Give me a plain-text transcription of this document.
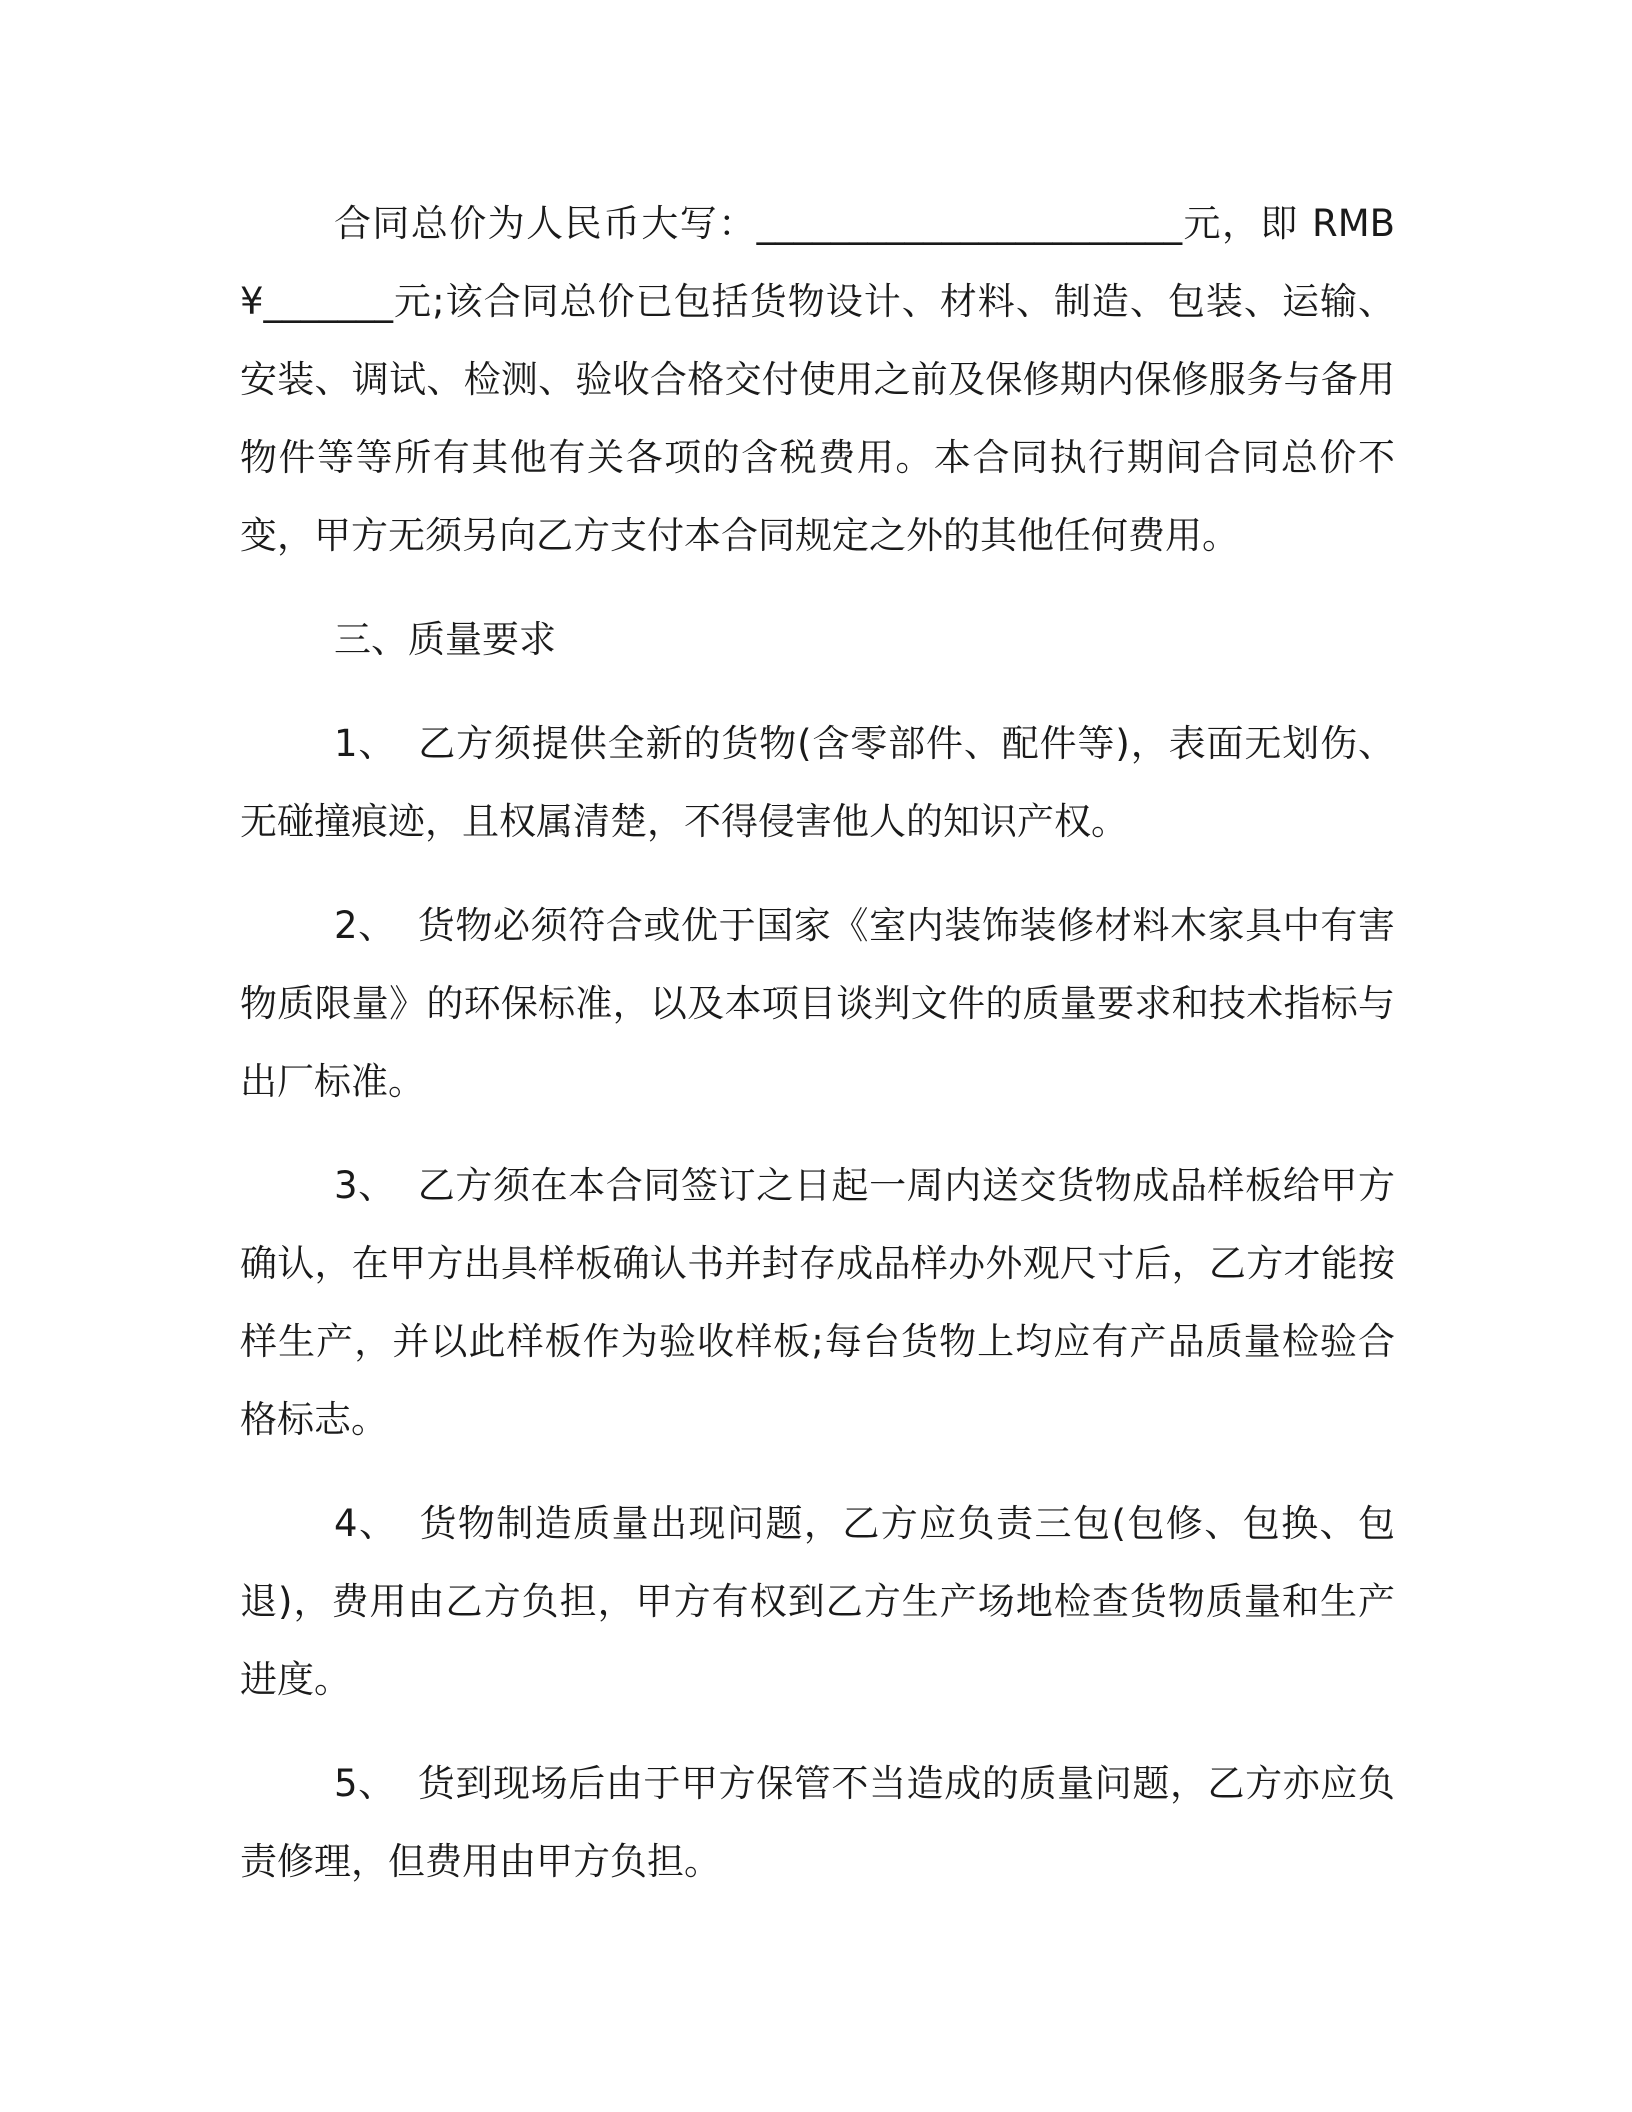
合同总价为人民币大写：_______________________元，即 RMB ¥_______元;该合同总价已包括货物设计、材料、制造、包装、运输、安装、调试、检测、验收合格交付使用之前及保修期内保修服务与备用物件等等所有其他有关各项的含税费用。本合同执行期间合同总价不变，甲方无须另向乙方支付本合同规定之外的其他任何费用。

三、质量要求

1、 乙方须提供全新的货物(含零部件、配件等)，表面无划伤、无碰撞痕迹，且权属清楚，不得侵害他人的知识产权。

2、 货物必须符合或优于国家《室内装饰装修材料木家具中有害物质限量》的环保标准，以及本项目谈判文件的质量要求和技术指标与出厂标准。

3、 乙方须在本合同签订之日起一周内送交货物成品样板给甲方确认，在甲方出具样板确认书并封存成品样办外观尺寸后，乙方才能按样生产，并以此样板作为验收样板;每台货物上均应有产品质量检验合格标志。

4、 货物制造质量出现问题，乙方应负责三包(包修、包换、包退)，费用由乙方负担，甲方有权到乙方生产场地检查货物质量和生产进度。

5、 货到现场后由于甲方保管不当造成的质量问题，乙方亦应负责修理，但费用由甲方负担。
